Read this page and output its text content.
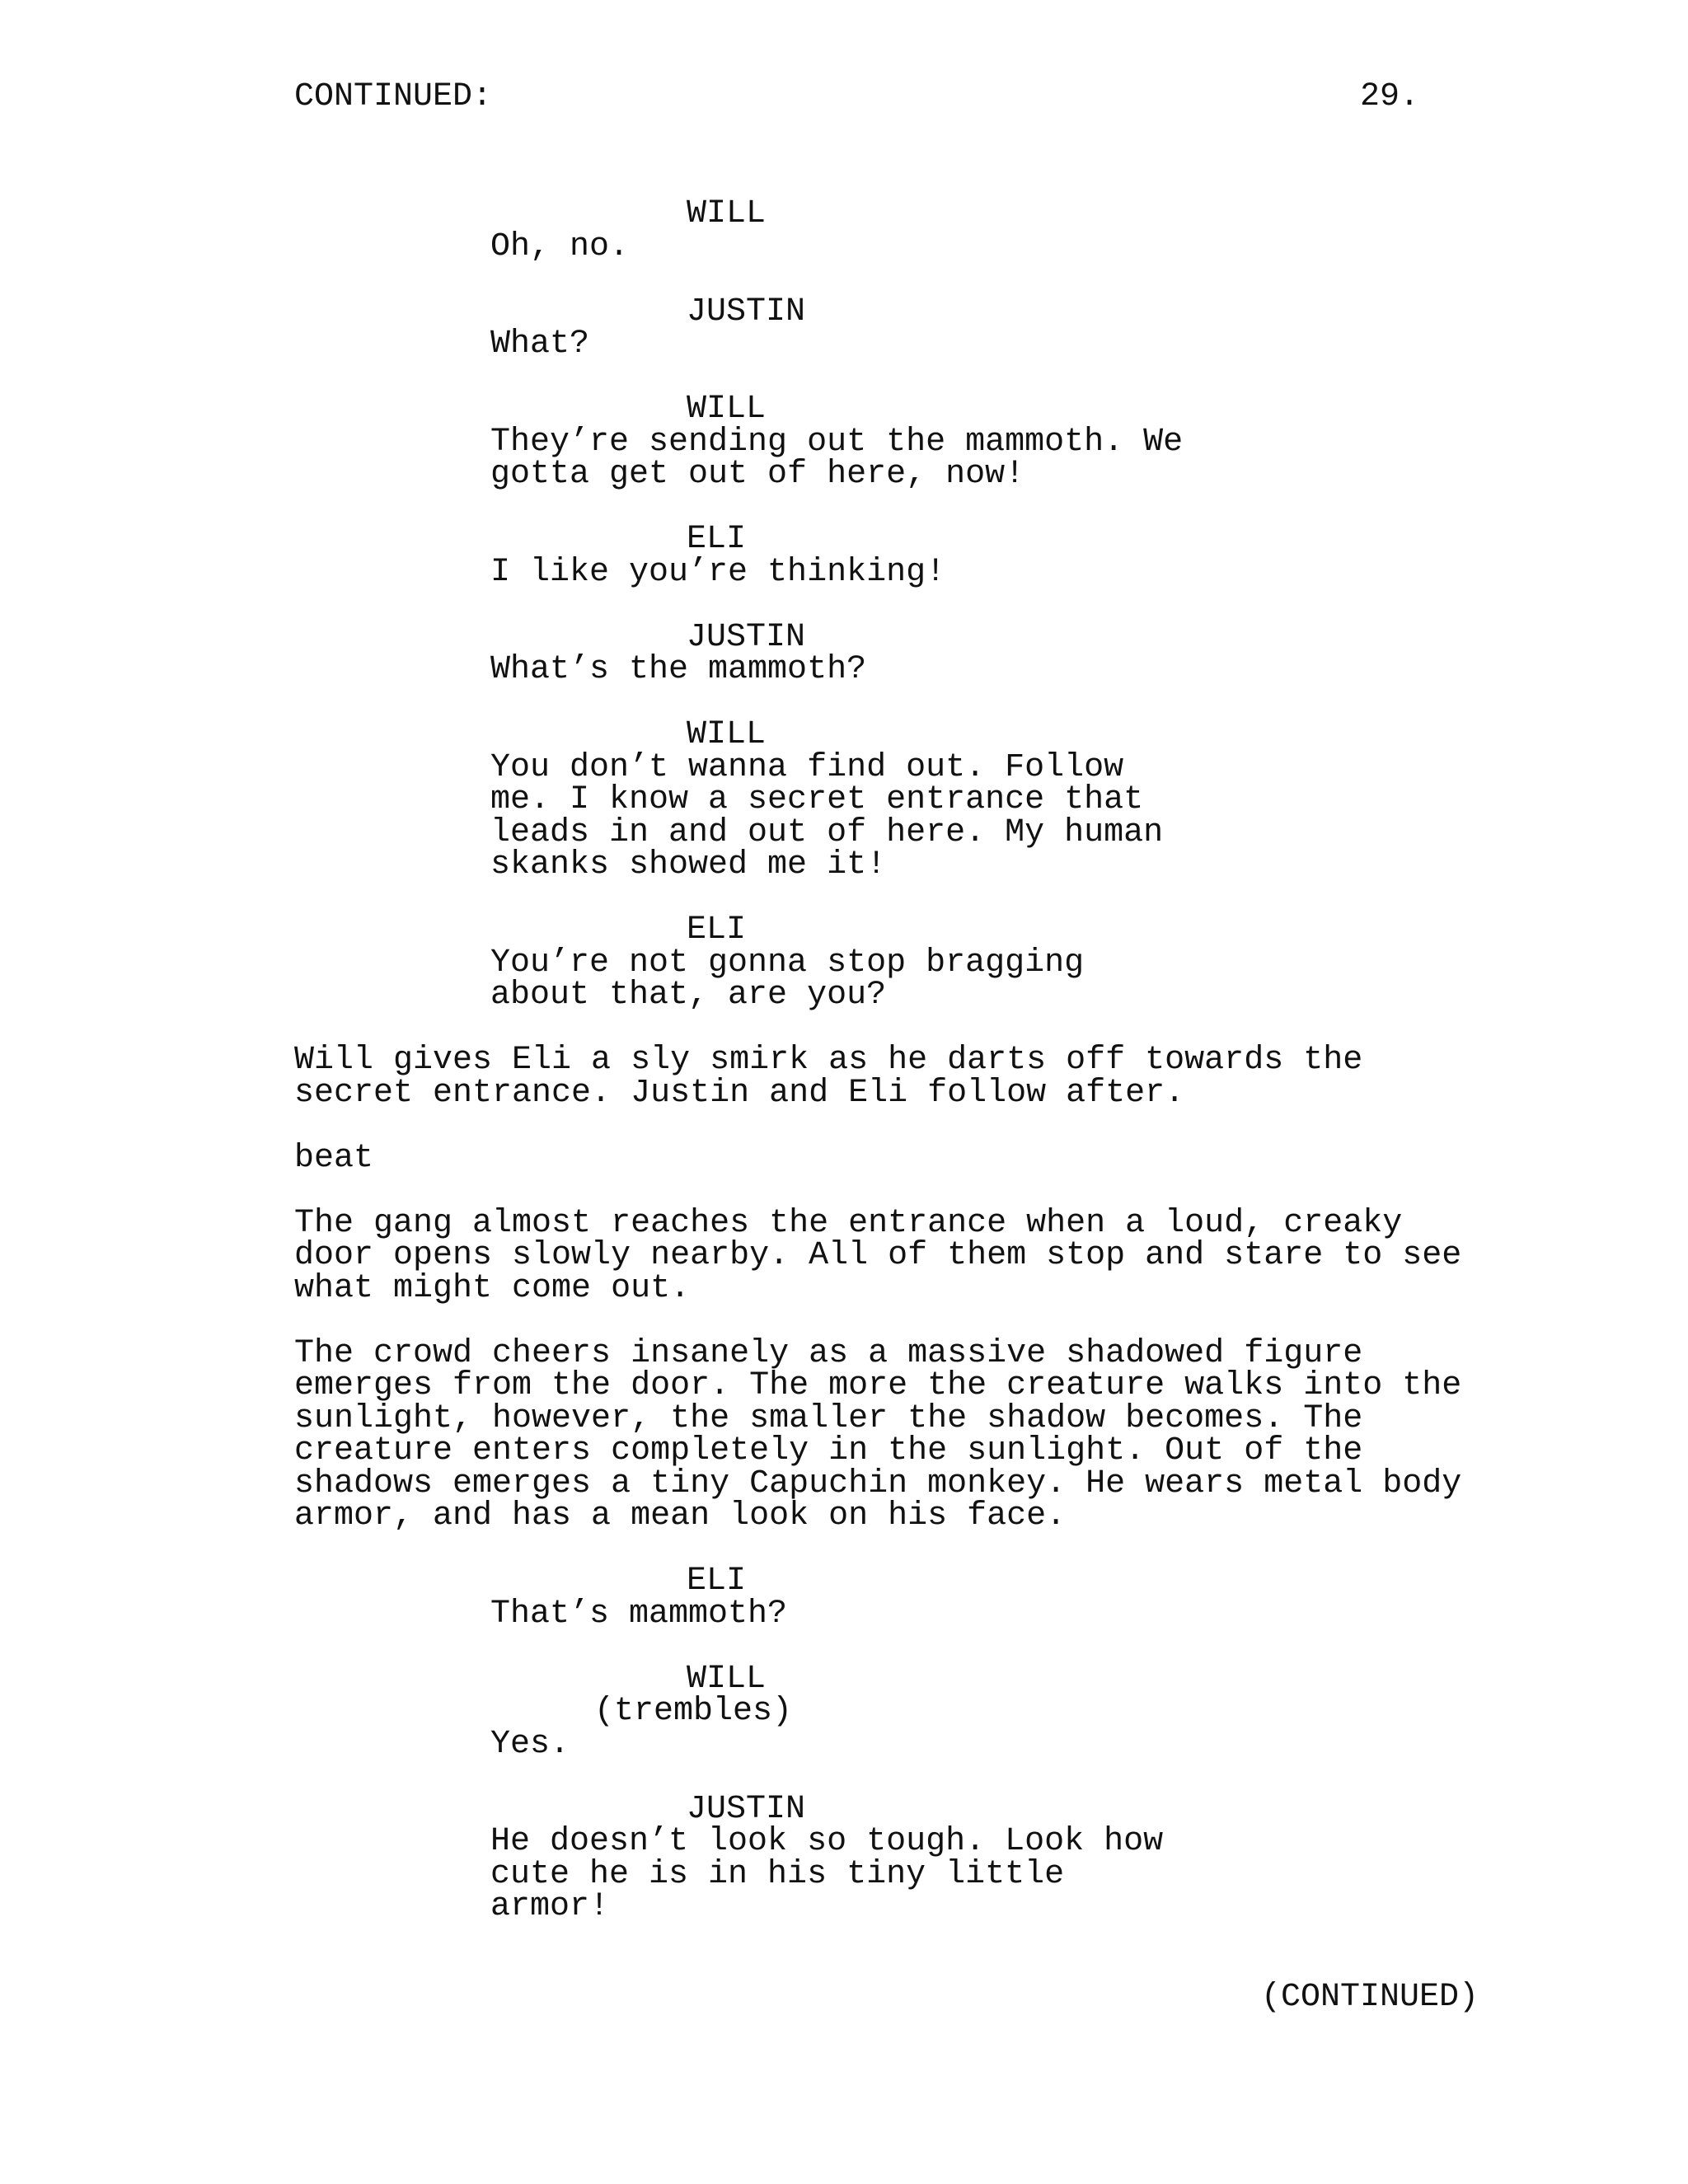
CONTINUED:	29.
WILL
Oh, no.
JUSTIN
What?
WILL
They’re sending out the mammoth. We
gotta get out of here, now!
ELI
I like you’re thinking!
JUSTIN
What’s the mammoth?
WILL
You don’t wanna find out. Follow
me. I know a secret entrance that
leads in and out of here. My human
skanks showed me it!
ELI
You’re not gonna stop bragging
about that, are you?
Will gives Eli a sly smirk as he darts off towards the
secret entrance. Justin and Eli follow after.
beat
The gang almost reaches the entrance when a loud, creaky
door opens slowly nearby. All of them stop and stare to see
what might come out.
The crowd cheers insanely as a massive shadowed figure
emerges from the door. The more the creature walks into the
sunlight, however, the smaller the shadow becomes. The
creature enters completely in the sunlight. Out of the
shadows emerges a tiny Capuchin monkey. He wears metal body
armor, and has a mean look on his face.
ELI
That’s mammoth?
WILL
(trembles)
Yes.
JUSTIN
He doesn’t look so tough. Look how
cute he is in his tiny little
armor!
(CONTINUED)
